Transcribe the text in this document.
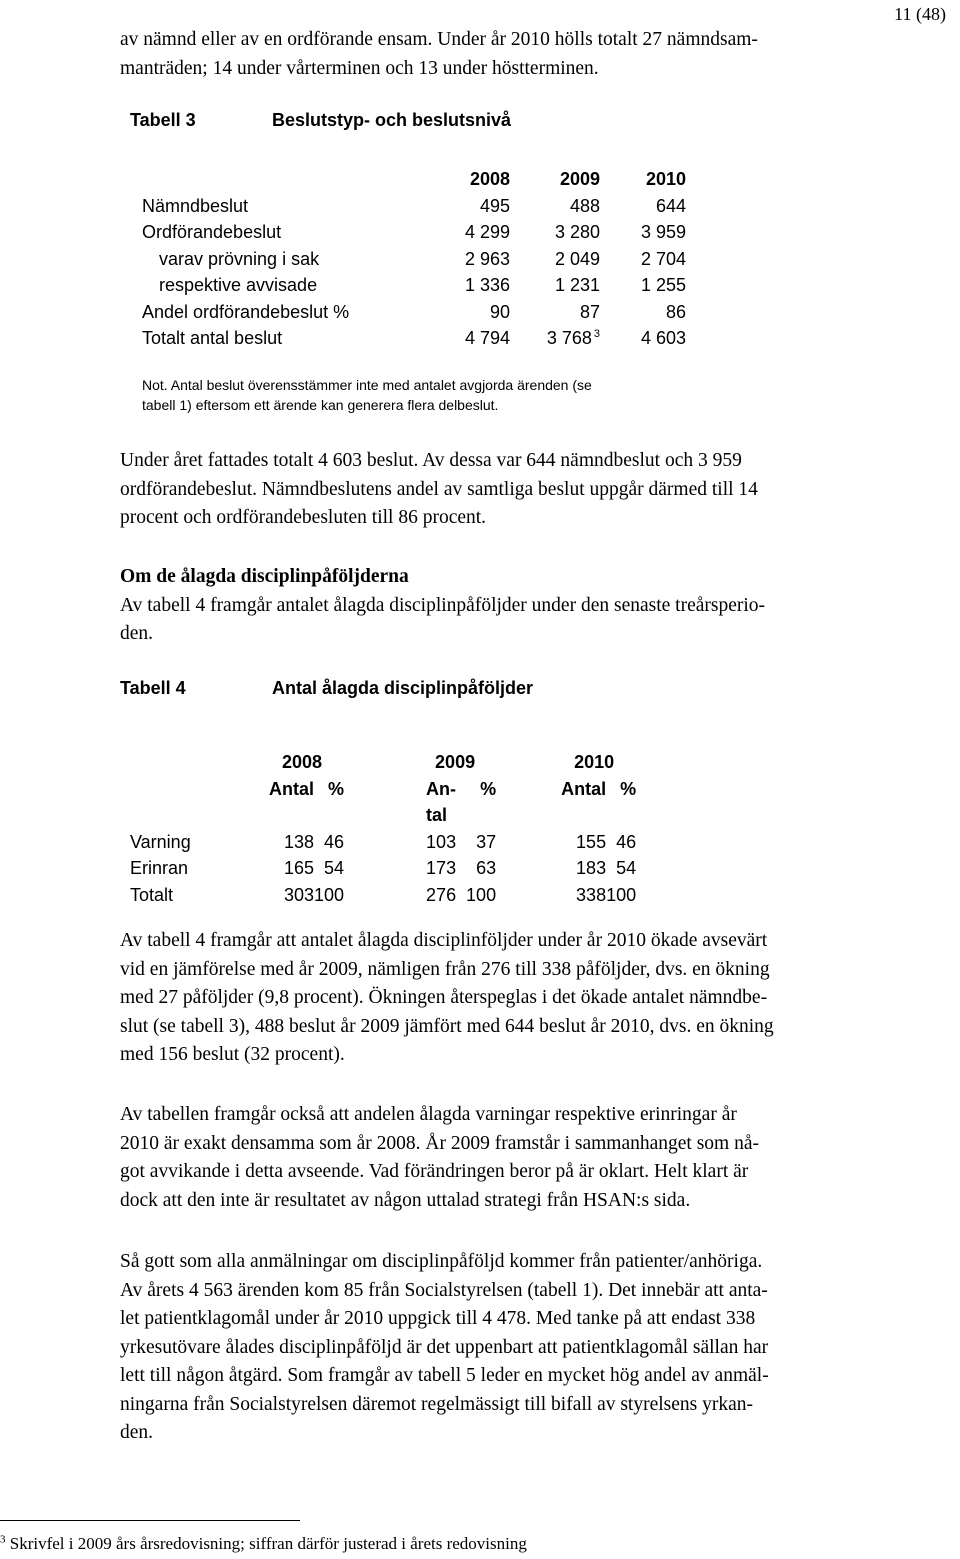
11 (48)
av nämnd eller av en ordförande ensam. Under år 2010 hölls totalt 27 nämndsam-
manträden; 14 under vårterminen och 13 under höstterminen.
Tabell 3	Beslutstyp- och beslutsnivå
	2008	2009	2010
Nämndbeslut	495	488	644
Ordförandebeslut	4 299	3 280	3 959
varav prövning i sak	2 963	2 049	2 704
respektive avvisade	1 336	1 231	1 255
Andel ordförandebeslut %	90	87	86
Totalt antal beslut	4 794	3 768 $^3$	4 603
Not. Antal beslut överensstämmer inte med antalet avgjorda ärenden (se
tabell 1) eftersom ett ärende kan generera flera delbeslut.
Under året fattades totalt 4 603 beslut. Av dessa var 644 nämndbeslut och 3 959
ordförandebeslut. Nämndbeslutens andel av samtliga beslut uppgår därmed till 14
procent och ordförandebesluten till 86 procent.
Om de ålagda disciplinpåföljderna
Av tabell 4 framgår antalet ålagda disciplinpåföljder under den senaste treårsperio-
den.
Tabell 4	Antal ålagda disciplinpåföljder
	2008			2009			2010	
	Antal	%		An-	%		Antal	%
				tal				
Varning	138	46		103	37		155	46
Erinran	165	54		173	63		183	54
Totalt	303	100		276	100		338	100
Av tabell 4 framgår att antalet ålagda disciplinföljder under år 2010 ökade avsevärt
vid en jämförelse med år 2009, nämligen från 276 till 338 påföljder, dvs. en ökning
med 27 påföljder (9,8 procent). Ökningen återspeglas i det ökade antalet nämndbe-
slut (se tabell 3), 488 beslut år 2009 jämfört med 644 beslut år 2010, dvs. en ökning
med 156 beslut (32 procent).
Av tabellen framgår också att andelen ålagda varningar respektive erinringar år
2010 är exakt densamma som år 2008. År 2009 framstår i sammanhanget som nå-
got avvikande i detta avseende. Vad förändringen beror på är oklart. Helt klart är
dock att den inte är resultatet av någon uttalad strategi från HSAN:s sida.
Så gott som alla anmälningar om disciplinpåföljd kommer från patienter/anhöriga.
Av årets 4 563 ärenden kom 85 från Socialstyrelsen (tabell 1). Det innebär att anta-
let patientklagomål under år 2010 uppgick till 4 478. Med tanke på att endast 338
yrkesutövare ålades disciplinpåföljd är det uppenbart att patientklagomål sällan har
lett till någon åtgärd. Som framgår av tabell 5 leder en mycket hög andel av anmäl-
ningarna från Socialstyrelsen däremot regelmässigt till bifall av styrelsens yrkan-
den.
$^3$ Skrivfel i 2009 års årsredovisning; siffran därför justerad i årets redovisning
